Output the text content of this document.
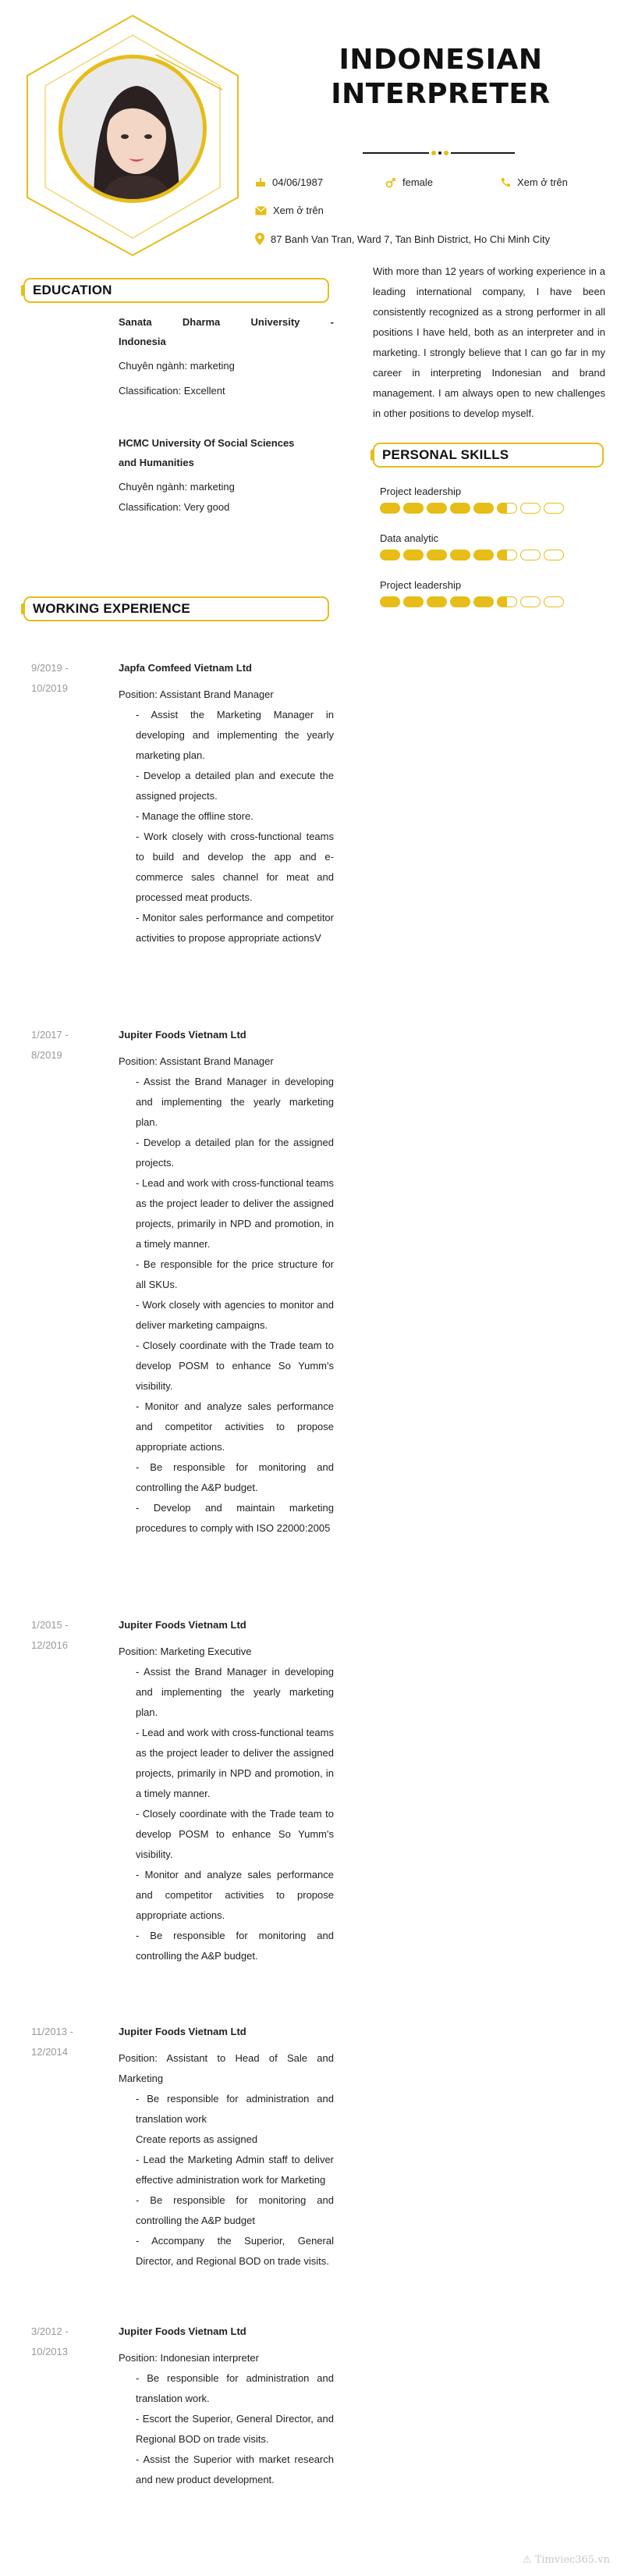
INDONESIAN
INTERPRETER
04/06/1987	female	Xem ở trên
Xem ở trên
87 Banh Van Tran, Ward 7, Tan Binh District, Ho Chi Minh City
EDUCATION
Sanata Dharma University -
Indonesia
Chuyên ngành: marketing
Classification: Excellent
HCMC University Of Social Sciences
and Humanities
Chuyên ngành: marketing
Classification: Very good
With more than 12 years of working experience in a leading international company, I have been consistently recognized as a strong performer in all positions I have held, both as an interpreter and in marketing. I strongly believe that I can go far in my career in interpreting Indonesian and brand management. I am always open to new challenges in other positions to develop myself.
PERSONAL SKILLS
Project leadership
Data analytic
Project leadership
WORKING EXPERIENCE
9/2019 -
10/2019
Japfa Comfeed Vietnam Ltd
Position: Assistant Brand Manager
- Assist the Marketing Manager in developing and implementing the yearly marketing plan.
- Develop a detailed plan and execute the assigned projects.
- Manage the offline store.
- Work closely with cross-functional teams to build and develop the app and e-commerce sales channel for meat and processed meat products.
- Monitor sales performance and competitor activities to propose appropriate actionsV
1/2017 -
8/2019
Jupiter Foods Vietnam Ltd
Position: Assistant Brand Manager
- Assist the Brand Manager in developing and implementing the yearly marketing plan.
- Develop a detailed plan for the assigned projects.
- Lead and work with cross-functional teams as the project leader to deliver the assigned projects, primarily in NPD and promotion, in a timely manner.
- Be responsible for the price structure for all SKUs.
- Work closely with agencies to monitor and deliver marketing campaigns.
- Closely coordinate with the Trade team to develop POSM to enhance So Yumm's visibility.
- Monitor and analyze sales performance and competitor activities to propose appropriate actions.
- Be responsible for monitoring and controlling the A&P budget.
- Develop and maintain marketing procedures to comply with ISO 22000:2005
1/2015 -
12/2016
Jupiter Foods Vietnam Ltd
Position: Marketing Executive
- Assist the Brand Manager in developing and implementing the yearly marketing plan.
- Lead and work with cross-functional teams as the project leader to deliver the assigned projects, primarily in NPD and promotion, in a timely manner.
- Closely coordinate with the Trade team to develop POSM to enhance So Yumm's visibility.
- Monitor and analyze sales performance and competitor activities to propose appropriate actions.
- Be responsible for monitoring and controlling the A&P budget.
11/2013 -
12/2014
Jupiter Foods Vietnam Ltd
Position: Assistant to Head of Sale and Marketing
- Be responsible for administration and translation work
Create reports as assigned
- Lead the Marketing Admin staff to deliver effective administration work for Marketing
- Be responsible for monitoring and controlling the A&P budget
- Accompany the Superior, General Director, and Regional BOD on trade visits.
3/2012 -
10/2013
Jupiter Foods Vietnam Ltd
Position: Indonesian interpreter
- Be responsible for administration and translation work.
- Escort the Superior, General Director, and Regional BOD on trade visits.
- Assist the Superior with market research and new product development.
⚠ Timviec365.vn
